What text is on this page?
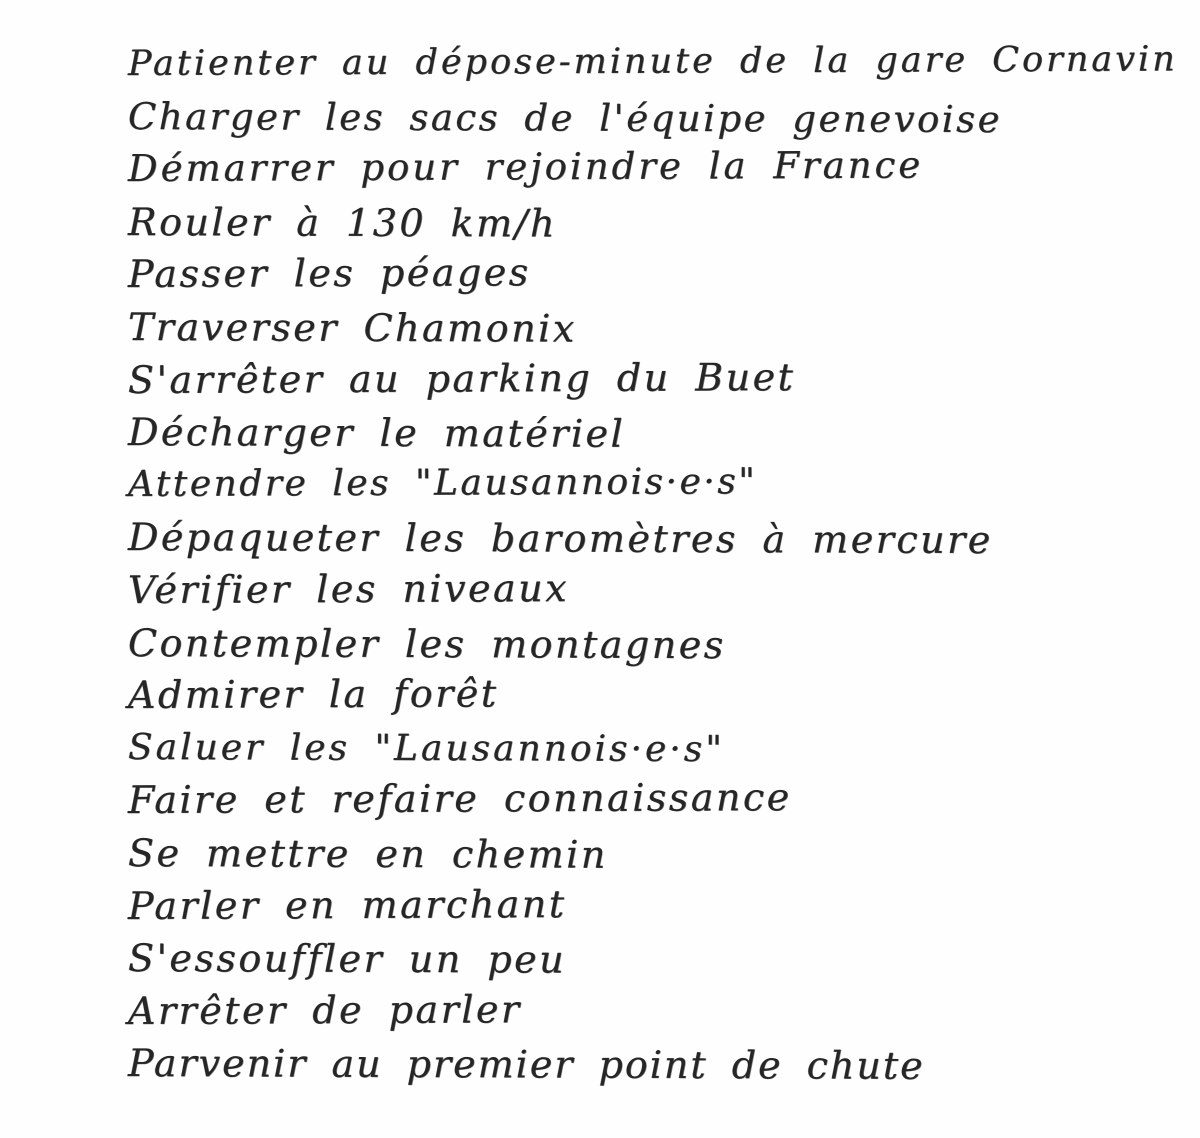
Patienter au dépose-minute de la gare Cornavin
Charger les sacs de l'équipe genevoise
Démarrer pour rejoindre la France
Rouler à 130 km/h
Passer les péages
Traverser Chamonix
S'arrêter au parking du Buet
Décharger le matériel
Attendre les "Lausannois·e·s"
Dépaqueter les baromètres à mercure
Vérifier les niveaux
Contempler les montagnes
Admirer la forêt
Saluer les "Lausannois·e·s"
Faire et refaire connaissance
Se mettre en chemin
Parler en marchant
S'essouffler un peu
Arrêter de parler
Parvenir au premier point de chute
